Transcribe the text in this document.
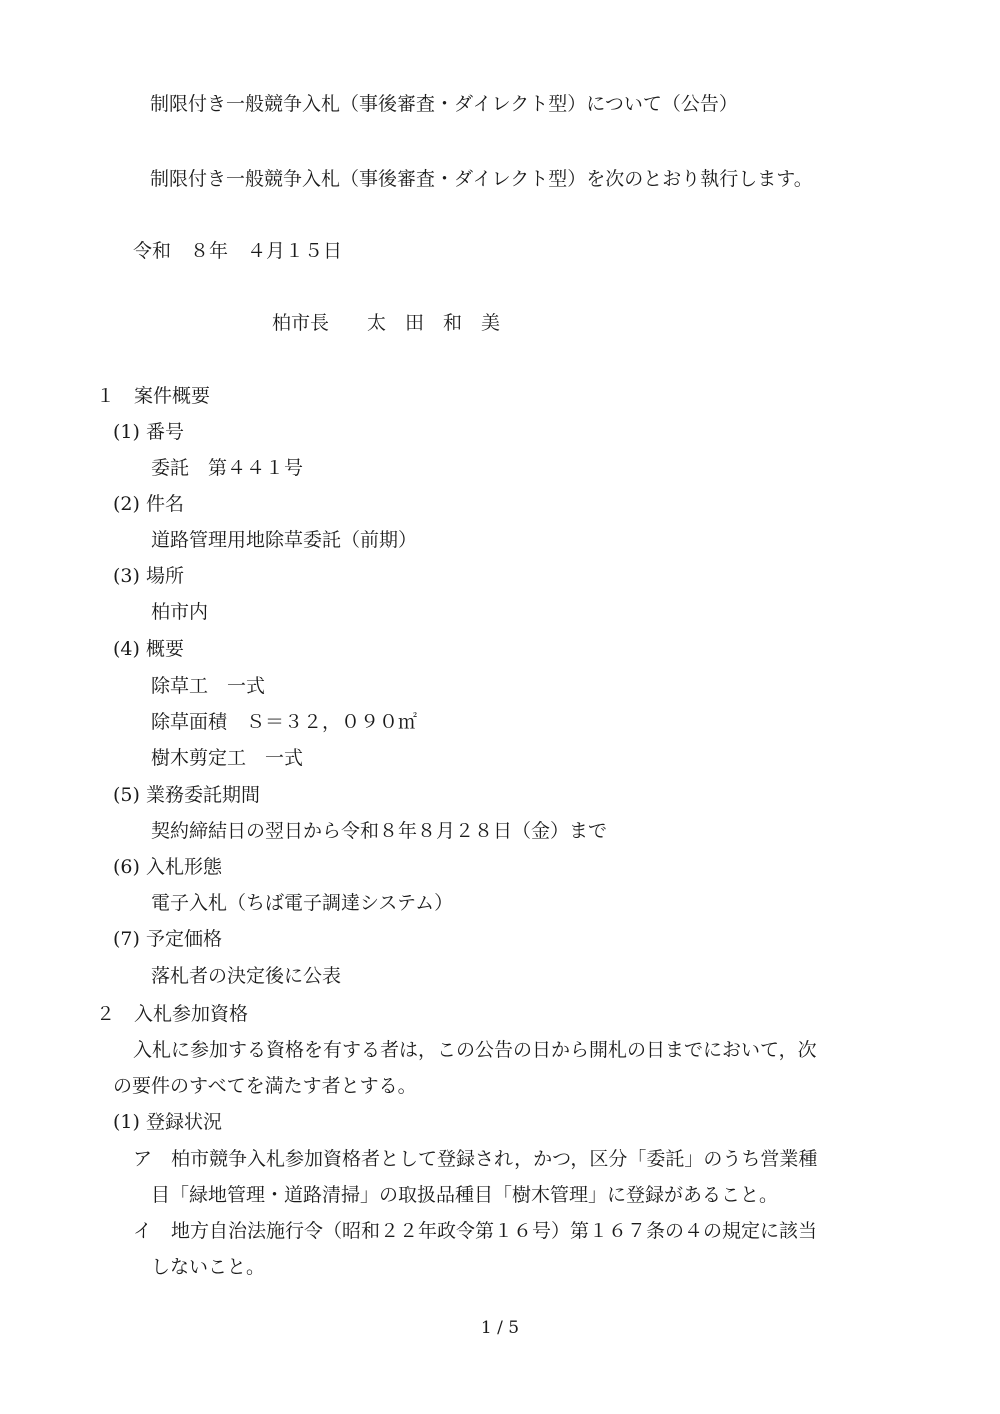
制限付き一般競争入札（事後審査・ダイレクト型）について（公告）
制限付き一般競争入札（事後審査・ダイレクト型）を次のとおり執行します。
令和　８年　４月１５日
柏市長　　太　田　和　美
１　案件概要
(1) 番号
委託　第４４１号
(2) 件名
道路管理用地除草委託（前期）
(3) 場所
柏市内
(4) 概要
除草工　一式
除草面積　Ｓ＝３２，０９０㎡
樹木剪定工　一式
(5) 業務委託期間
契約締結日の翌日から令和８年８月２８日（金）まで
(6) 入札形態
電子入札（ちば電子調達システム）
(7) 予定価格
落札者の決定後に公表
２　入札参加資格
入札に参加する資格を有する者は，この公告の日から開札の日までにおいて，次
の要件のすべてを満たす者とする。
(1) 登録状況
ア　柏市競争入札参加資格者として登録され，かつ，区分「委託」のうち営業種
目「緑地管理・道路清掃」の取扱品種目「樹木管理」に登録があること。
イ　地方自治法施行令（昭和２２年政令第１６号）第１６７条の４の規定に該当
しないこと。
1 / 5
